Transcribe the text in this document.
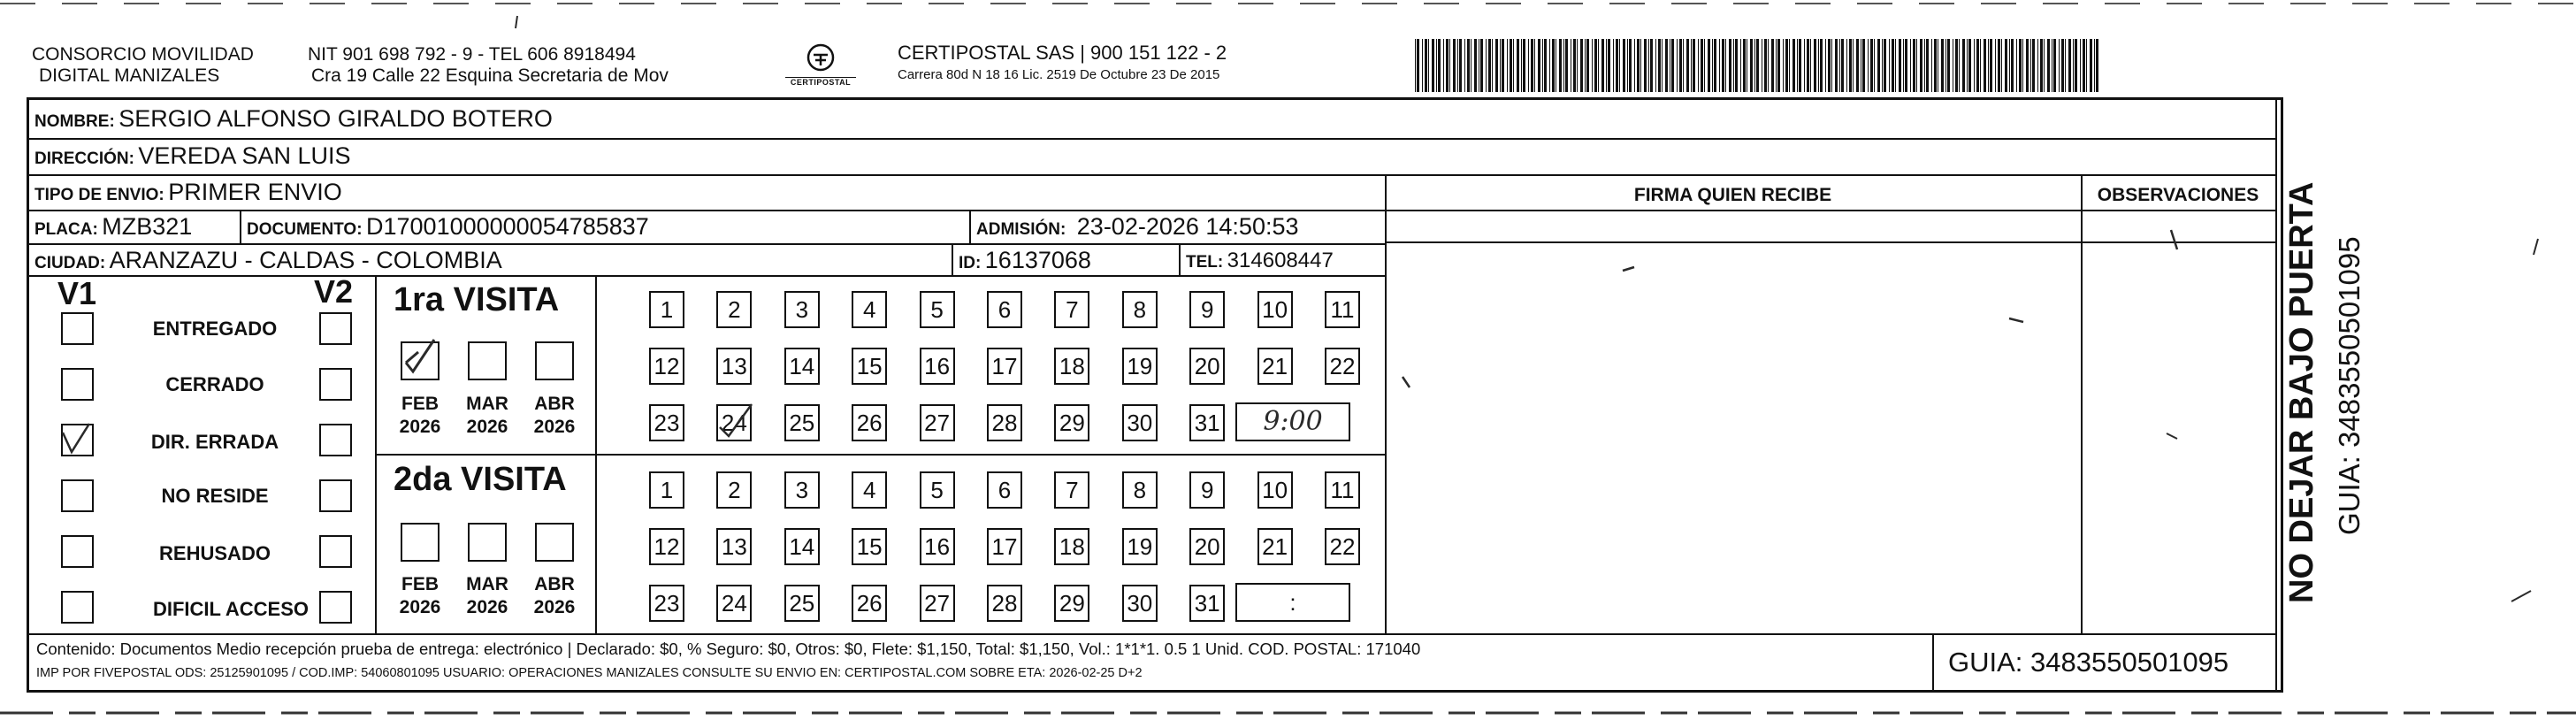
CONSORCIO MOVILIDAD
DIGITAL MANIZALES
NIT 901 698 792 - 9 - TEL 606 8918494
Cra 19 Calle 22 Esquina Secretaria de Mov	CERTIPOSTAL
CERTIPOSTAL SAS | 900 151 122 - 2
Carrera 80d N 18 16 Lic. 2519 De Octubre 23 De 2015
NOMBRE: SERGIO ALFONSO GIRALDO BOTERO
DIRECCIÓN: VEREDA SAN LUIS
TIPO DE ENVIO: PRIMER ENVIO	FIRMA QUIEN RECIBE	OBSERVACIONES
PLACA: MZB321	DOCUMENTO: D17001000000054785837	ADMISIÓN: 23-02-2026 14:50:53
CIUDAD: ARANZAZU - CALDAS - COLOMBIA	ID: 16137068	TEL: 314608447
V1	V2
ENTREGADO
CERRADO
DIR. ERRADA
NO RESIDE
REHUSADO
DIFICIL ACCESO
1ra VISITA
FEB
2026
MAR
2026
ABR
2026
1	2	3	4	5	6	7	8	9	10 11
12 13 14 15 16 17 18 19 20 21 22
23 24 25 26 27 28 29 30 31	9:00
2da VISITA
FEB
2026
MAR
2026
ABR
2026
1	2	3	4	5	6	7	8	9	10 11
12 13 14 15 16 17 18 19 20 21 22
23 24 25 26 27 28 29 30 31	:
Contenido: Documentos Medio recepción prueba de entrega: electrónico | Declarado: $0, % Seguro: $0, Otros: $0, Flete: $1,150, Total: $1,150, Vol.: 1*1*1. 0.5 1 Unid. COD. POSTAL: 171040
IMP POR FIVEPOSTAL ODS: 25125901095 / COD.IMP: 54060801095 USUARIO: OPERACIONES MANIZALES CONSULTE SU ENVIO EN: CERTIPOSTAL.COM SOBRE ETA: 2026-02-25 D+2	GUIA: 3483550501095
NO DEJAR BAJO PUERTA GUIA: 3483550501095
